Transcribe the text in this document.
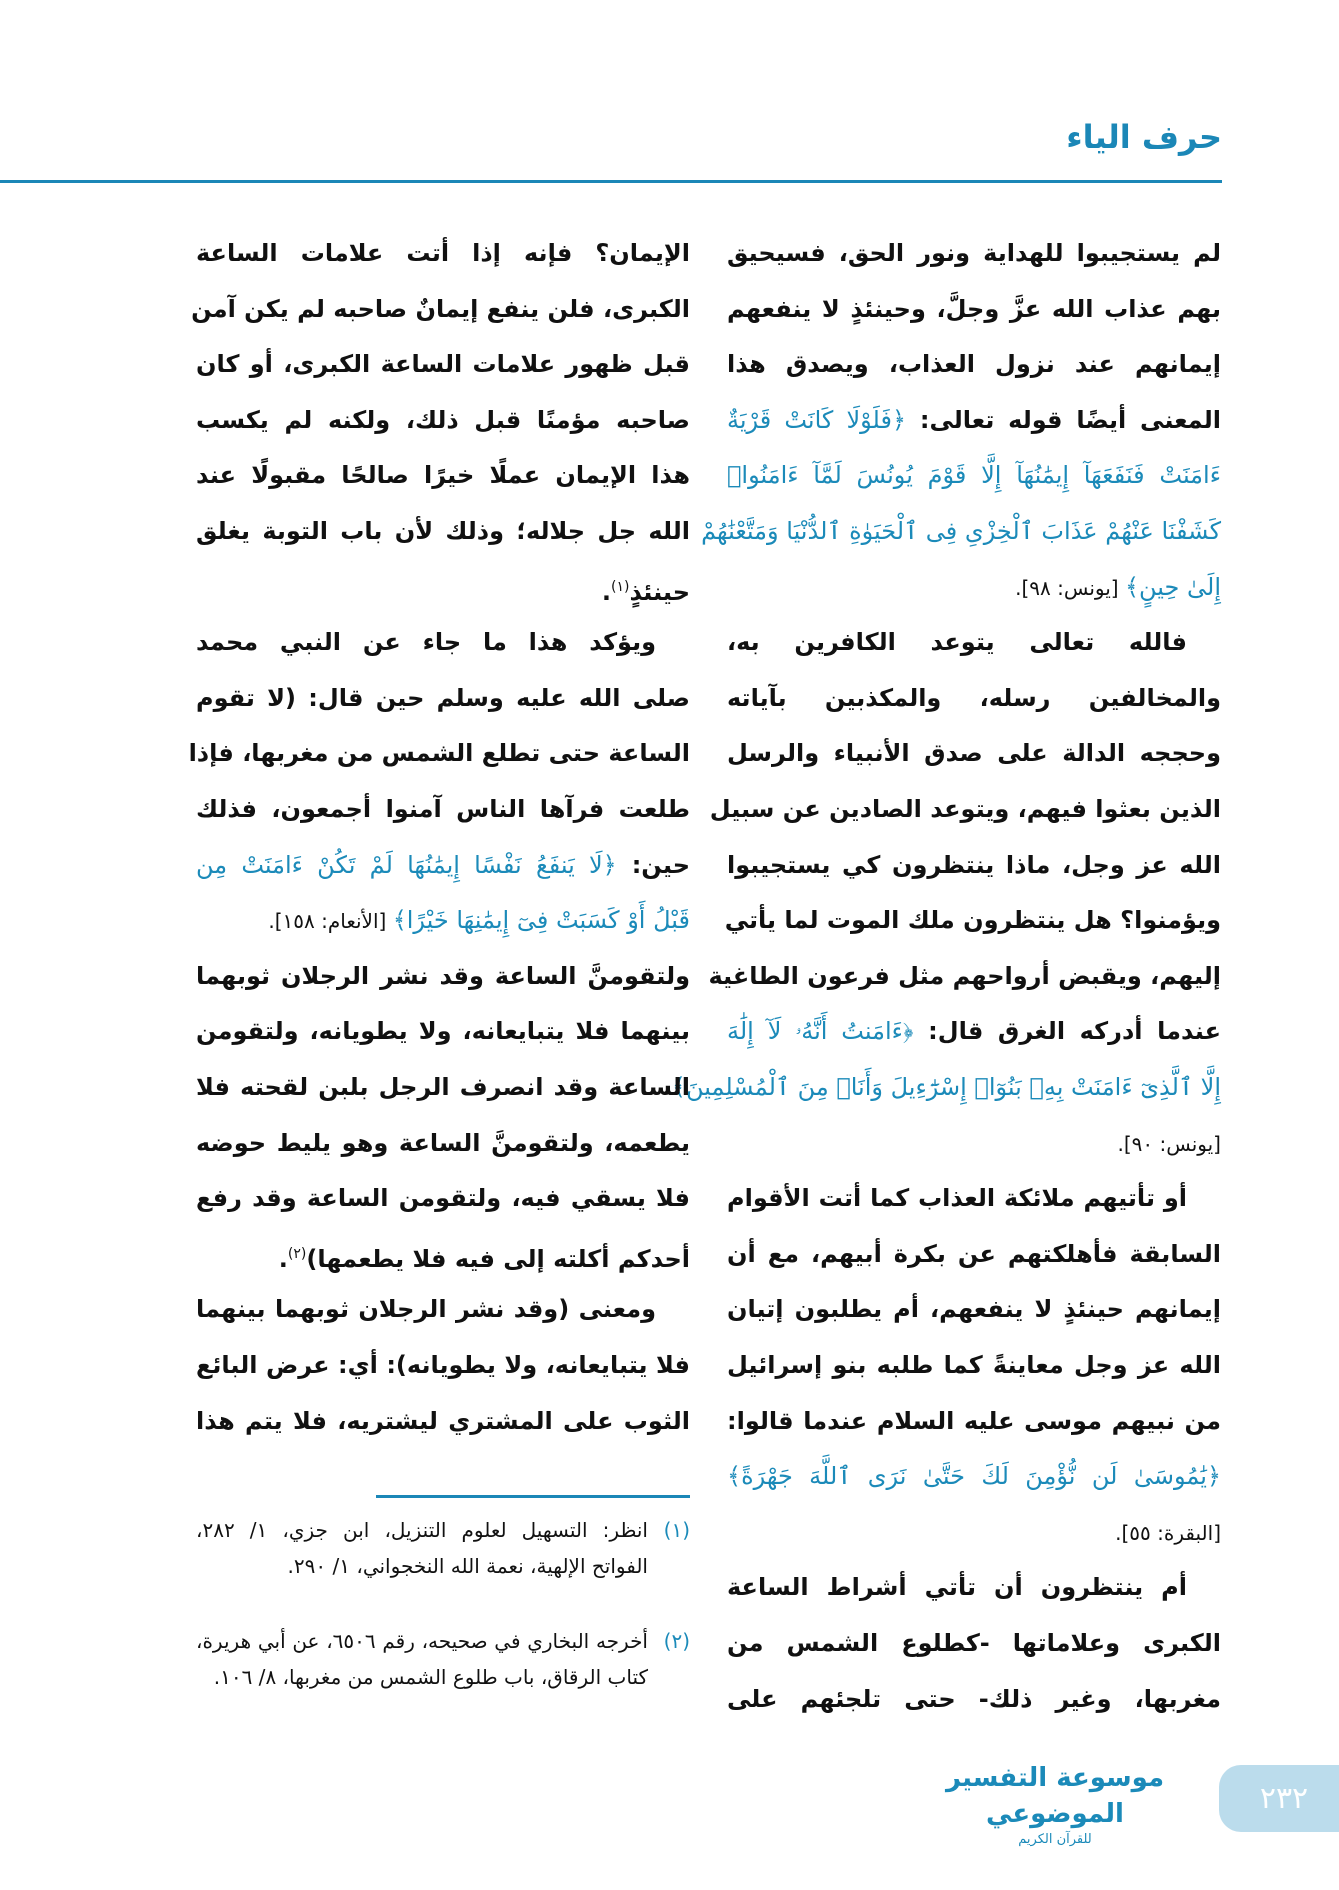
حرف الياء
لم يستجيبوا للهداية ونور الحق، فسيحيق
بهم عذاب الله عزَّ وجلَّ، وحينئذٍ لا ينفعهم
إيمانهم عند نزول العذاب، ويصدق هذا
المعنى أيضًا قوله تعالى: ﴿فَلَوْلَا كَانَتْ قَرْيَةٌ
ءَامَنَتْ فَنَفَعَهَآ إِيمَٰنُهَآ إِلَّا قَوْمَ يُونُسَ لَمَّآ ءَامَنُوا۟
كَشَفْنَا عَنْهُمْ عَذَابَ ٱلْخِزْىِ فِى ٱلْحَيَوٰةِ ٱلدُّنْيَا وَمَتَّعْنَٰهُمْ
إِلَىٰ حِينٍ﴾ [يونس: ٩٨].
فالله تعالى يتوعد الكافرين به،
والمخالفين رسله، والمكذبين بآياته
وحججه الدالة على صدق الأنبياء والرسل
الذين بعثوا فيهم، ويتوعد الصادين عن سبيل
الله عز وجل، ماذا ينتظرون كي يستجيبوا
ويؤمنوا؟ هل ينتظرون ملك الموت لما يأتي
إليهم، ويقبض أرواحهم مثل فرعون الطاغية
عندما أدركه الغرق قال: ﴿ءَامَنتُ أَنَّهُۥ لَآ إِلَٰهَ
إِلَّا ٱلَّذِىٓ ءَامَنَتْ بِهِۦ بَنُوٓا۟ إِسْرَٰٓءِيلَ وَأَنَا۠ مِنَ ٱلْمُسْلِمِينَ﴾
[يونس: ٩٠].
أو تأتيهم ملائكة العذاب كما أتت الأقوام
السابقة فأهلكتهم عن بكرة أبيهم، مع أن
إيمانهم حينئذٍ لا ينفعهم، أم يطلبون إتيان
الله عز وجل معاينةً كما طلبه بنو إسرائيل
من نبيهم موسى عليه السلام عندما قالوا:
﴿يَٰمُوسَىٰ لَن نُّؤْمِنَ لَكَ حَتَّىٰ نَرَى ٱللَّهَ جَهْرَةً﴾
[البقرة: ٥٥].
أم ينتظرون أن تأتي أشراط الساعة
الكبرى وعلاماتها -كطلوع الشمس من
مغربها، وغير ذلك- حتى تلجئهم على
الإيمان؟ فإنه إذا أتت علامات الساعة
الكبرى، فلن ينفع إيمانٌ صاحبه لم يكن آمن
قبل ظهور علامات الساعة الكبرى، أو كان
صاحبه مؤمنًا قبل ذلك، ولكنه لم يكسب
هذا الإيمان عملًا خيرًا صالحًا مقبولًا عند
الله جل جلاله؛ وذلك لأن باب التوبة يغلق
حينئذٍ$^{(١)}$.
ويؤكد هذا ما جاء عن النبي محمد
صلى الله عليه وسلم حين قال: (لا تقوم
الساعة حتى تطلع الشمس من مغربها، فإذا
طلعت فرآها الناس آمنوا أجمعون، فذلك
حين: ﴿لَا يَنفَعُ نَفْسًا إِيمَٰنُهَا لَمْ تَكُنْ ءَامَنَتْ مِن
قَبْلُ أَوْ كَسَبَتْ فِىٓ إِيمَٰنِهَا خَيْرًا﴾ [الأنعام: ١٥٨].
ولتقومنَّ الساعة وقد نشر الرجلان ثوبهما
بينهما فلا يتبايعانه، ولا يطويانه، ولتقومن
الساعة وقد انصرف الرجل بلبن لقحته فلا
يطعمه، ولتقومنَّ الساعة وهو يليط حوضه
فلا يسقي فيه، ولتقومن الساعة وقد رفع
أحدكم أكلته إلى فيه فلا يطعمها)$^{(٢)}$.
ومعنى (وقد نشر الرجلان ثوبهما بينهما
فلا يتبايعانه، ولا يطويانه): أي: عرض البائع
الثوب على المشتري ليشتريه، فلا يتم هذا
(١)
انظر: التسهيل لعلوم التنزيل، ابن جزي، ١/ ٢٨٢، الفواتح الإلهية، نعمة الله النخجواني، ١/ ٢٩٠.
(٢)
أخرجه البخاري في صحيحه، رقم ٦٥٠٦، عن أبي هريرة، كتاب الرقاق، باب طلوع الشمس من مغربها، ٨/ ١٠٦.
موسوعة التفسير الموضوعي
للقرآن الكريم
٢٣٢
